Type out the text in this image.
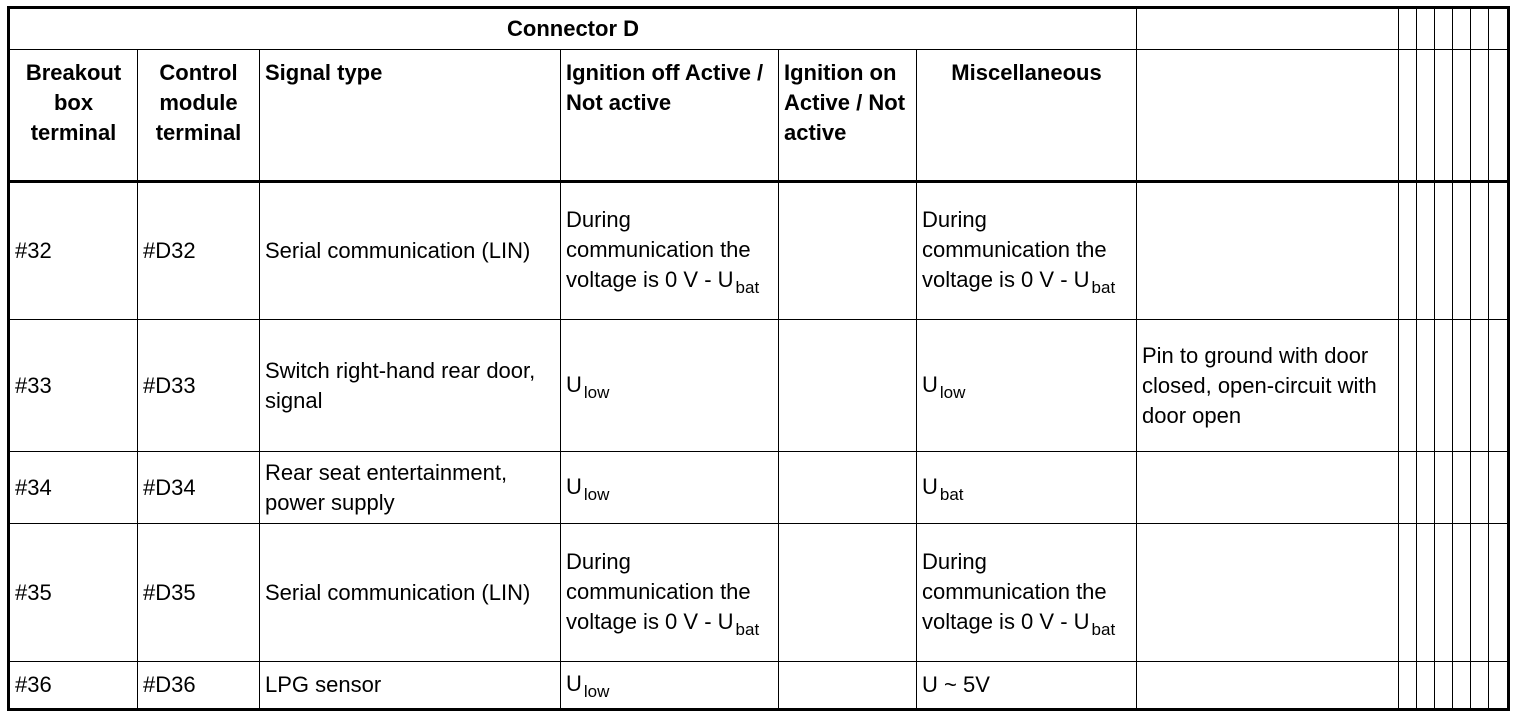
Connector D												
Breakout box terminal	Control module terminal	Signal type	Ignition off Active / Not active	Ignition on Active / Not active	Miscellaneous							
#32	#D32	Serial communication (LIN)	During communication the voltage is 0 V - U bat		During communication the voltage is 0 V - U bat							
#33	#D33	Switch right-hand rear door, signal	U low		U low	Pin to ground with door closed, open-circuit with door open						
#34	#D34	Rear seat entertainment, power supply	U low		U bat							
#35	#D35	Serial communication (LIN)	During communication the voltage is 0 V - U bat		During communication the voltage is 0 V - U bat							
#36	#D36	LPG sensor	U low		U ~ 5V							
